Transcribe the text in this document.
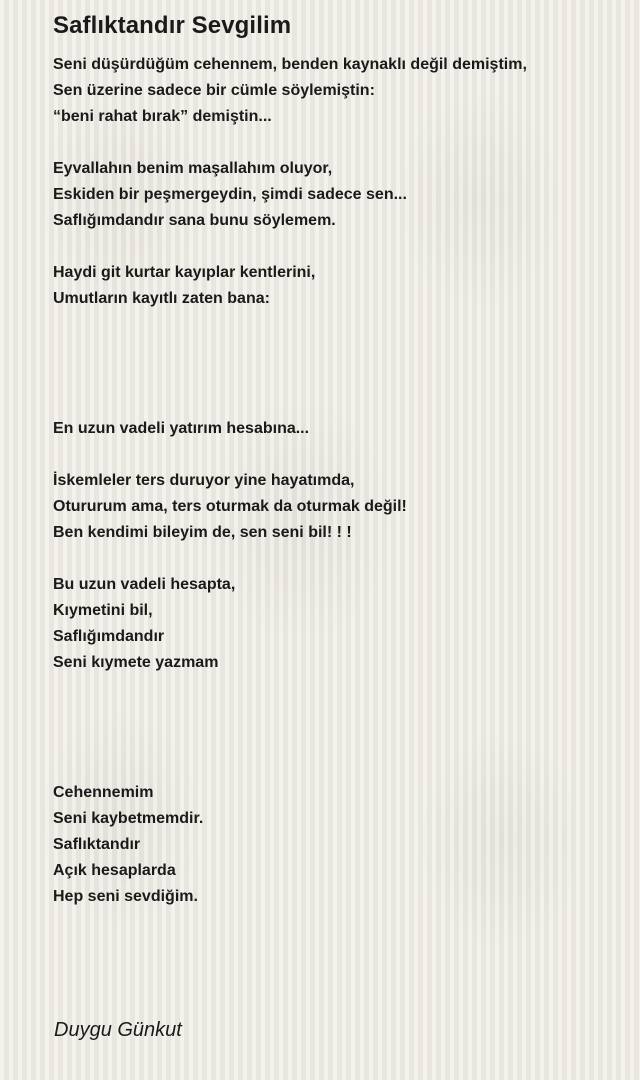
Saflıktandır Sevgilim
Seni düşürdüğüm cehennem, benden kaynaklı değil demiştim,
Sen üzerine sadece bir cümle söylemiştin:
“beni rahat bırak” demiştin...
Eyvallahın benim maşallahım oluyor,
Eskiden bir peşmergeydin, şimdi sadece sen...
Saflığımdandır sana bunu söylemem.
Haydi git kurtar kayıplar kentlerini,
Umutların kayıtlı zaten bana:
En uzun vadeli yatırım hesabına...
İskemleler ters duruyor yine hayatımda,
Otururum ama, ters oturmak da oturmak değil!
Ben kendimi bileyim de, sen seni bil! ! !
Bu uzun vadeli hesapta,
Kıymetini bil,
Saflığımdandır
Seni kıymete yazmam
Cehennemim
Seni kaybetmemdir.
Saflıktandır
Açık hesaplarda
Hep seni sevdiğim.
Duygu Günkut
